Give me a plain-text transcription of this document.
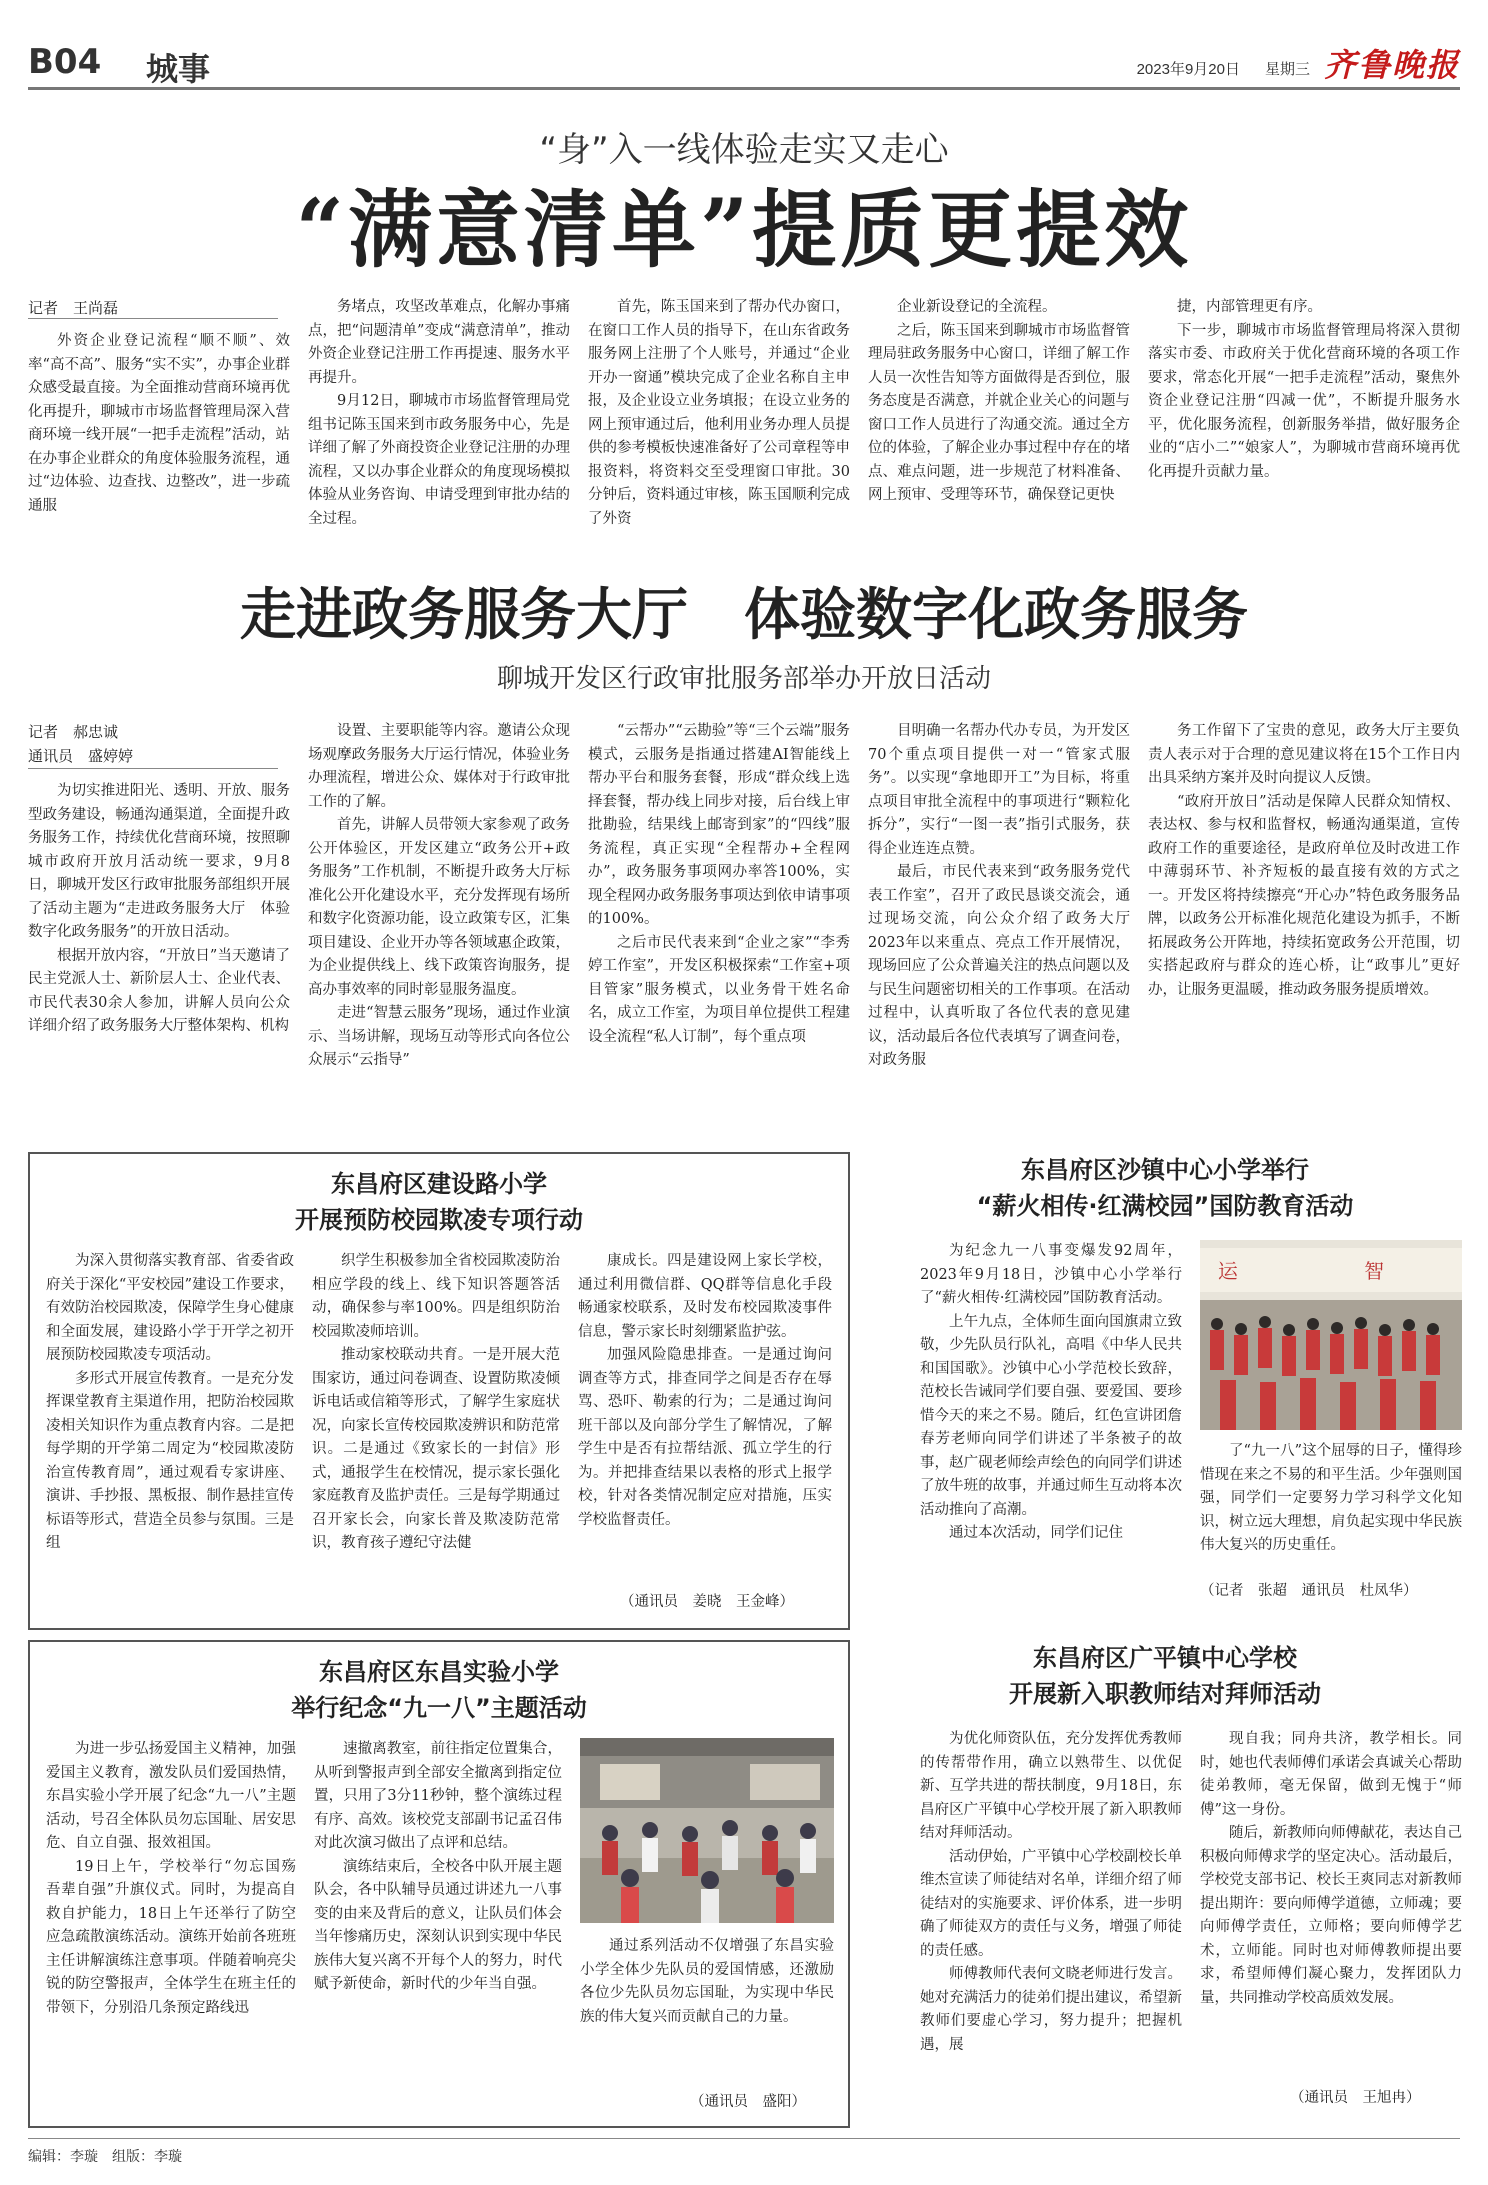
B04 城事	2023年9月20日 星期三 齐鲁晚报
“身”入一线体验走实又走心
“满意清单”提质更提效
记者　王尚磊
外资企业登记流程“顺不顺”、效率“高不高”、服务“实不实”，办事企业群众感受最直接。为全面推动营商环境再优化再提升，聊城市市场监督管理局深入营商环境一线开展“一把手走流程”活动，站在办事企业群众的角度体验服务流程，通过“边体验、边查找、边整改”，进一步疏通服
务堵点，攻坚改革难点，化解办事痛点，把“问题清单”变成“满意清单”，推动外资企业登记注册工作再提速、服务水平再提升。
9月12日，聊城市市场监督管理局党组书记陈玉国来到市政务服务中心，先是详细了解了外商投资企业登记注册的办理流程，又以办事企业群众的角度现场模拟体验从业务咨询、申请受理到审批办结的全过程。
首先，陈玉国来到了帮办代办窗口，在窗口工作人员的指导下，在山东省政务服务网上注册了个人账号，并通过“企业开办一窗通”模块完成了企业名称自主申报，及企业设立业务填报；在设立业务的网上预审通过后，他利用业务办理人员提供的参考模板快速准备好了公司章程等申报资料，将资料交至受理窗口审批。30分钟后，资料通过审核，陈玉国顺利完成了外资
企业新设登记的全流程。
之后，陈玉国来到聊城市市场监督管理局驻政务服务中心窗口，详细了解工作人员一次性告知等方面做得是否到位，服务态度是否满意，并就企业关心的问题与窗口工作人员进行了沟通交流。通过全方位的体验，了解企业办事过程中存在的堵点、难点问题，进一步规范了材料准备、网上预审、受理等环节，确保登记更快
捷，内部管理更有序。
下一步，聊城市市场监督管理局将深入贯彻落实市委、市政府关于优化营商环境的各项工作要求，常态化开展“一把手走流程”活动，聚焦外资企业登记注册“四减一优”，不断提升服务水平，优化服务流程，创新服务举措，做好服务企业的“店小二”“娘家人”，为聊城市营商环境再优化再提升贡献力量。
走进政务服务大厅　体验数字化政务服务
聊城开发区行政审批服务部举办开放日活动
记者　郝忠诚
通讯员　盛婷婷
为切实推进阳光、透明、开放、服务型政务建设，畅通沟通渠道，全面提升政务服务工作，持续优化营商环境，按照聊城市政府开放月活动统一要求，9月8日，聊城开发区行政审批服务部组织开展了活动主题为“走进政务服务大厅　体验数字化政务服务”的开放日活动。
根据开放内容，“开放日”当天邀请了民主党派人士、新阶层人士、企业代表、市民代表30余人参加，讲解人员向公众详细介绍了政务服务大厅整体架构、机构
设置、主要职能等内容。邀请公众现场观摩政务服务大厅运行情况，体验业务办理流程，增进公众、媒体对于行政审批工作的了解。
首先，讲解人员带领大家参观了政务公开体验区，开发区建立“政务公开+政务服务”工作机制，不断提升政务大厅标准化公开化建设水平，充分发挥现有场所和数字化资源功能，设立政策专区，汇集项目建设、企业开办等各领域惠企政策，为企业提供线上、线下政策咨询服务，提高办事效率的同时彰显服务温度。
走进“智慧云服务”现场，通过作业演示、当场讲解，现场互动等形式向各位公众展示“云指导”
“云帮办”“云勘验”等“三个云端”服务模式，云服务是指通过搭建AI智能线上帮办平台和服务套餐，形成“群众线上选择套餐，帮办线上同步对接，后台线上审批勘验，结果线上邮寄到家”的“四线”服务流程，真正实现“全程帮办+全程网办”，政务服务事项网办率答100%，实现全程网办政务服务事项达到依申请事项的100%。
之后市民代表来到“企业之家”“李秀婷工作室”，开发区积极探索“工作室+项目管家”服务模式，以业务骨干姓名命名，成立工作室，为项目单位提供工程建设全流程“私人订制”，每个重点项
目明确一名帮办代办专员，为开发区70个重点项目提供一对一“管家式服务”。以实现“拿地即开工”为目标，将重点项目审批全流程中的事项进行“颗粒化拆分”，实行“一图一表”指引式服务，获得企业连连点赞。
最后，市民代表来到“政务服务党代表工作室”，召开了政民恳谈交流会，通过现场交流，向公众介绍了政务大厅2023年以来重点、亮点工作开展情况，现场回应了公众普遍关注的热点问题以及与民生问题密切相关的工作事项。在活动过程中，认真听取了各位代表的意见建议，活动最后各位代表填写了调查问卷，对政务服
务工作留下了宝贵的意见，政务大厅主要负责人表示对于合理的意见建议将在15个工作日内出具采纳方案并及时向提议人反馈。
“政府开放日”活动是保障人民群众知情权、表达权、参与权和监督权，畅通沟通渠道，宣传政府工作的重要途径，是政府单位及时改进工作中薄弱环节、补齐短板的最直接有效的方式之一。开发区将持续擦亮“开心办”特色政务服务品牌，以政务公开标准化规范化建设为抓手，不断拓展政务公开阵地，持续拓宽政务公开范围，切实搭起政府与群众的连心桥，让“政事儿”更好办，让服务更温暖，推动政务服务提质增效。
东昌府区建设路小学
开展预防校园欺凌专项行动
为深入贯彻落实教育部、省委省政府关于深化“平安校园”建设工作要求，有效防治校园欺凌，保障学生身心健康和全面发展，建设路小学于开学之初开展预防校园欺凌专项活动。
多形式开展宣传教育。一是充分发挥课堂教育主渠道作用，把防治校园欺凌相关知识作为重点教育内容。二是把每学期的开学第二周定为“校园欺凌防治宣传教育周”，通过观看专家讲座、演讲、手抄报、黑板报、制作悬挂宣传标语等形式，营造全员参与氛围。三是组
织学生积极参加全省校园欺凌防治相应学段的线上、线下知识答题答活动，确保参与率100%。四是组织防治校园欺凌师培训。
推动家校联动共育。一是开展大范围家访，通过问卷调查、设置防欺凌倾诉电话或信箱等形式，了解学生家庭状况，向家长宣传校园欺凌辨识和防范常识。二是通过《致家长的一封信》形式，通报学生在校情况，提示家长强化家庭教育及监护责任。三是每学期通过召开家长会，向家长普及欺凌防范常识，教育孩子遵纪守法健
康成长。四是建设网上家长学校，通过利用微信群、QQ群等信息化手段畅通家校联系，及时发布校园欺凌事件信息，警示家长时刻绷紧监护弦。
加强风险隐患排查。一是通过询问调查等方式，排查同学之间是否存在辱骂、恐吓、勒索的行为；二是通过询问班干部以及向部分学生了解情况，了解学生中是否有拉帮结派、孤立学生的行为。并把排查结果以表格的形式上报学校，针对各类情况制定应对措施，压实学校监督责任。
（通讯员　姜晓　王金峰）
东昌府区东昌实验小学
举行纪念“九一八”主题活动
为进一步弘扬爱国主义精神，加强爱国主义教育，激发队员们爱国热情，东昌实验小学开展了纪念“九一八”主题活动，号召全体队员勿忘国耻、居安思危、自立自强、报效祖国。
19日上午，学校举行“勿忘国殇　吾辈自强”升旗仪式。同时，为提高自救自护能力，18日上午还举行了防空应急疏散演练活动。演练开始前各班班主任讲解演练注意事项。伴随着响亮尖锐的防空警报声，全体学生在班主任的带领下，分别沿几条预定路线迅
速撤离教室，前往指定位置集合，从听到警报声到全部安全撤离到指定位置，只用了3分11秒钟，整个演练过程有序、高效。该校党支部副书记孟召伟对此次演习做出了点评和总结。
演练结束后，全校各中队开展主题队会，各中队辅导员通过讲述九一八事变的由来及背后的意义，让队员们体会当年惨痛历史，深刻认识到实现中华民族伟大复兴离不开每个人的努力，时代赋予新使命，新时代的少年当自强。
通过系列活动不仅增强了东昌实验小学全体少先队员的爱国情感，还激励各位少先队员勿忘国耻，为实现中华民族的伟大复兴而贡献自己的力量。
（通讯员　盛阳）
东昌府区沙镇中心小学举行
“薪火相传·红满校园”国防教育活动
为纪念九一八事变爆发92周年，2023年9月18日，沙镇中心小学举行了“薪火相传·红满校园”国防教育活动。
上午九点，全体师生面向国旗肃立致敬，少先队员行队礼，高唱《中华人民共和国国歌》。沙镇中心小学范校长致辞，范校长告诫同学们要自强、要爱国、要珍惜今天的来之不易。随后，红色宣讲团詹春芳老师向同学们讲述了半条被子的故事，赵广砚老师绘声绘色的向同学们讲述了放牛班的故事，并通过师生互动将本次活动推向了高潮。
通过本次活动，同学们记住
运 智
了“九一八”这个屈辱的日子，懂得珍惜现在来之不易的和平生活。少年强则国强，同学们一定要努力学习科学文化知识，树立远大理想，肩负起实现中华民族伟大复兴的历史重任。
（记者　张超　通讯员　杜凤华）
东昌府区广平镇中心学校
开展新入职教师结对拜师活动
为优化师资队伍，充分发挥优秀教师的传帮带作用，确立以熟带生、以优促新、互学共进的帮扶制度，9月18日，东昌府区广平镇中心学校开展了新入职教师结对拜师活动。
活动伊始，广平镇中心学校副校长单维杰宣读了师徒结对名单，详细介绍了师徒结对的实施要求、评价体系，进一步明确了师徒双方的责任与义务，增强了师徒的责任感。
师傅教师代表何文晓老师进行发言。她对充满活力的徒弟们提出建议，希望新教师们要虚心学习，努力提升；把握机遇，展
现自我；同舟共济，教学相长。同时，她也代表师傅们承诺会真诚关心帮助徒弟教师，毫无保留，做到无愧于“师傅”这一身份。
随后，新教师向师傅献花，表达自己积极向师傅求学的坚定决心。活动最后，学校党支部书记、校长王爽同志对新教师提出期许：要向师傅学道德，立师魂；要向师傅学责任，立师格；要向师傅学艺术，立师能。同时也对师傅教师提出要求，希望师傅们凝心聚力，发挥团队力量，共同推动学校高质效发展。
（通讯员　王旭冉）
编辑：李璇　组版：李璇
